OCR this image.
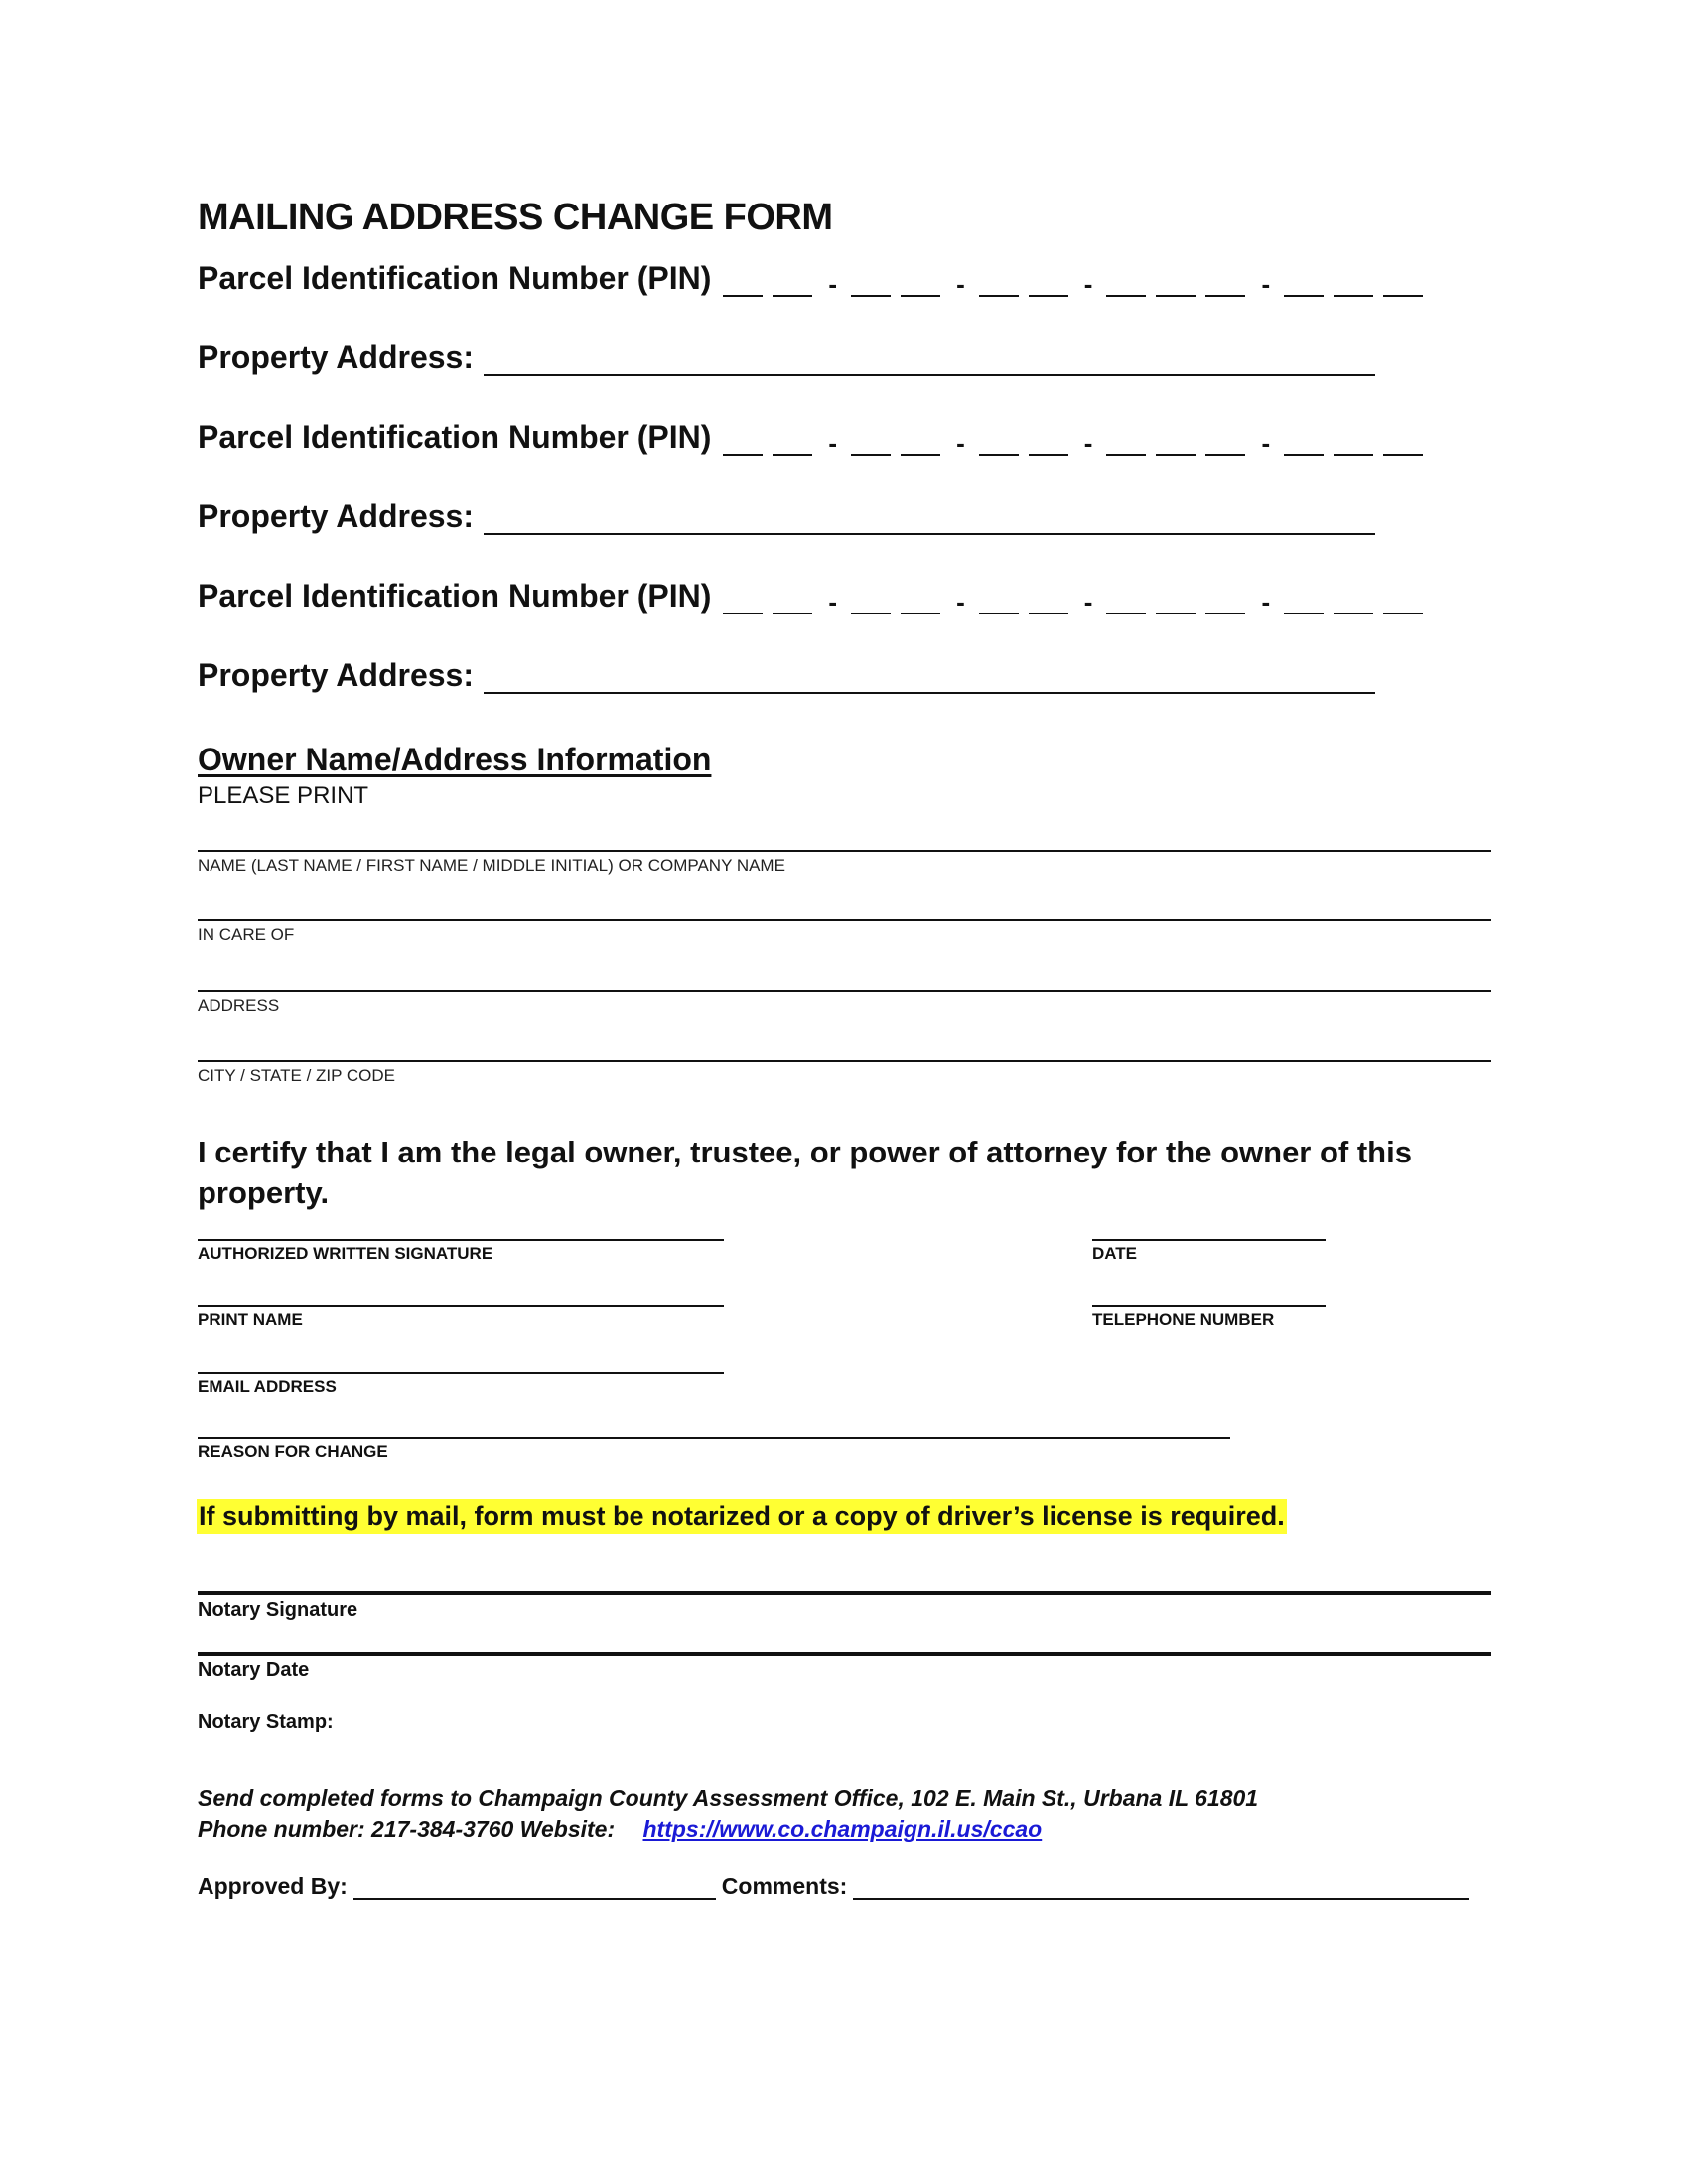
MAILING ADDRESS CHANGE FORM
Parcel Identification Number (PIN)	-	-	-	-
Property Address:
Parcel Identification Number (PIN)	-	-	-	-
Property Address:
Parcel Identification Number (PIN)	-	-	-	-
Property Address:
Owner Name/Address Information
PLEASE PRINT
NAME (LAST NAME / FIRST NAME / MIDDLE INITIAL) OR COMPANY NAME
IN CARE OF
ADDRESS
CITY / STATE / ZIP CODE
I certify that I am the legal owner, trustee, or power of attorney for the owner of this property.
AUTHORIZED WRITTEN SIGNATURE	DATE
PRINT NAME	TELEPHONE NUMBER
EMAIL ADDRESS
REASON FOR CHANGE
If submitting by mail, form must be notarized or a copy of driver’s license is required.
Notary Signature
Notary Date
Notary Stamp:
Send completed forms to Champaign County Assessment Office, 102 E. Main St., Urbana IL 61801
Phone number: 217-384-3760 Website: https://www.co.champaign.il.us/ccao
Approved By:	Comments:
